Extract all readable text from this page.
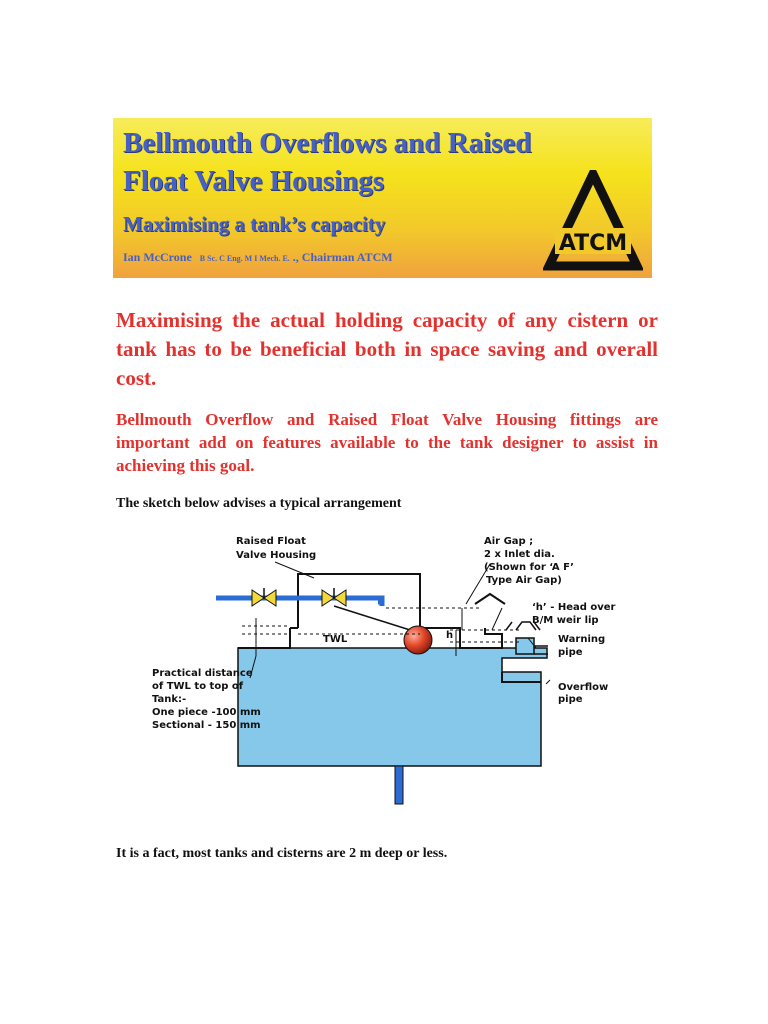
Bellmouth Overflows and Raised
Float Valve Housings
Maximising a tank’s capacity

Ian McCrone B Sc. C Eng. M I Mech. E. ., Chairman ATCM

ATCM

Maximising the actual holding capacity of any cistern or tank has to be beneficial both in space saving and overall cost.

Bellmouth Overflow and Raised Float Valve Housing fittings are important add on features available to the tank designer to assist in achieving this goal.

The sketch below advises a typical arrangement

Raised Float
Valve Housing
Air Gap ;
2 x Inlet dia.
(Shown for ‘A F’
Type Air Gap)
‘h’ - Head over
B/M weir lip
Warning
pipe
Overflow
pipe
TWL	h
Practical distance
of TWL to top of
Tank:-
One piece -100 mm
Sectional - 150 mm

It is a fact, most tanks and cisterns are 2 m deep or less.
